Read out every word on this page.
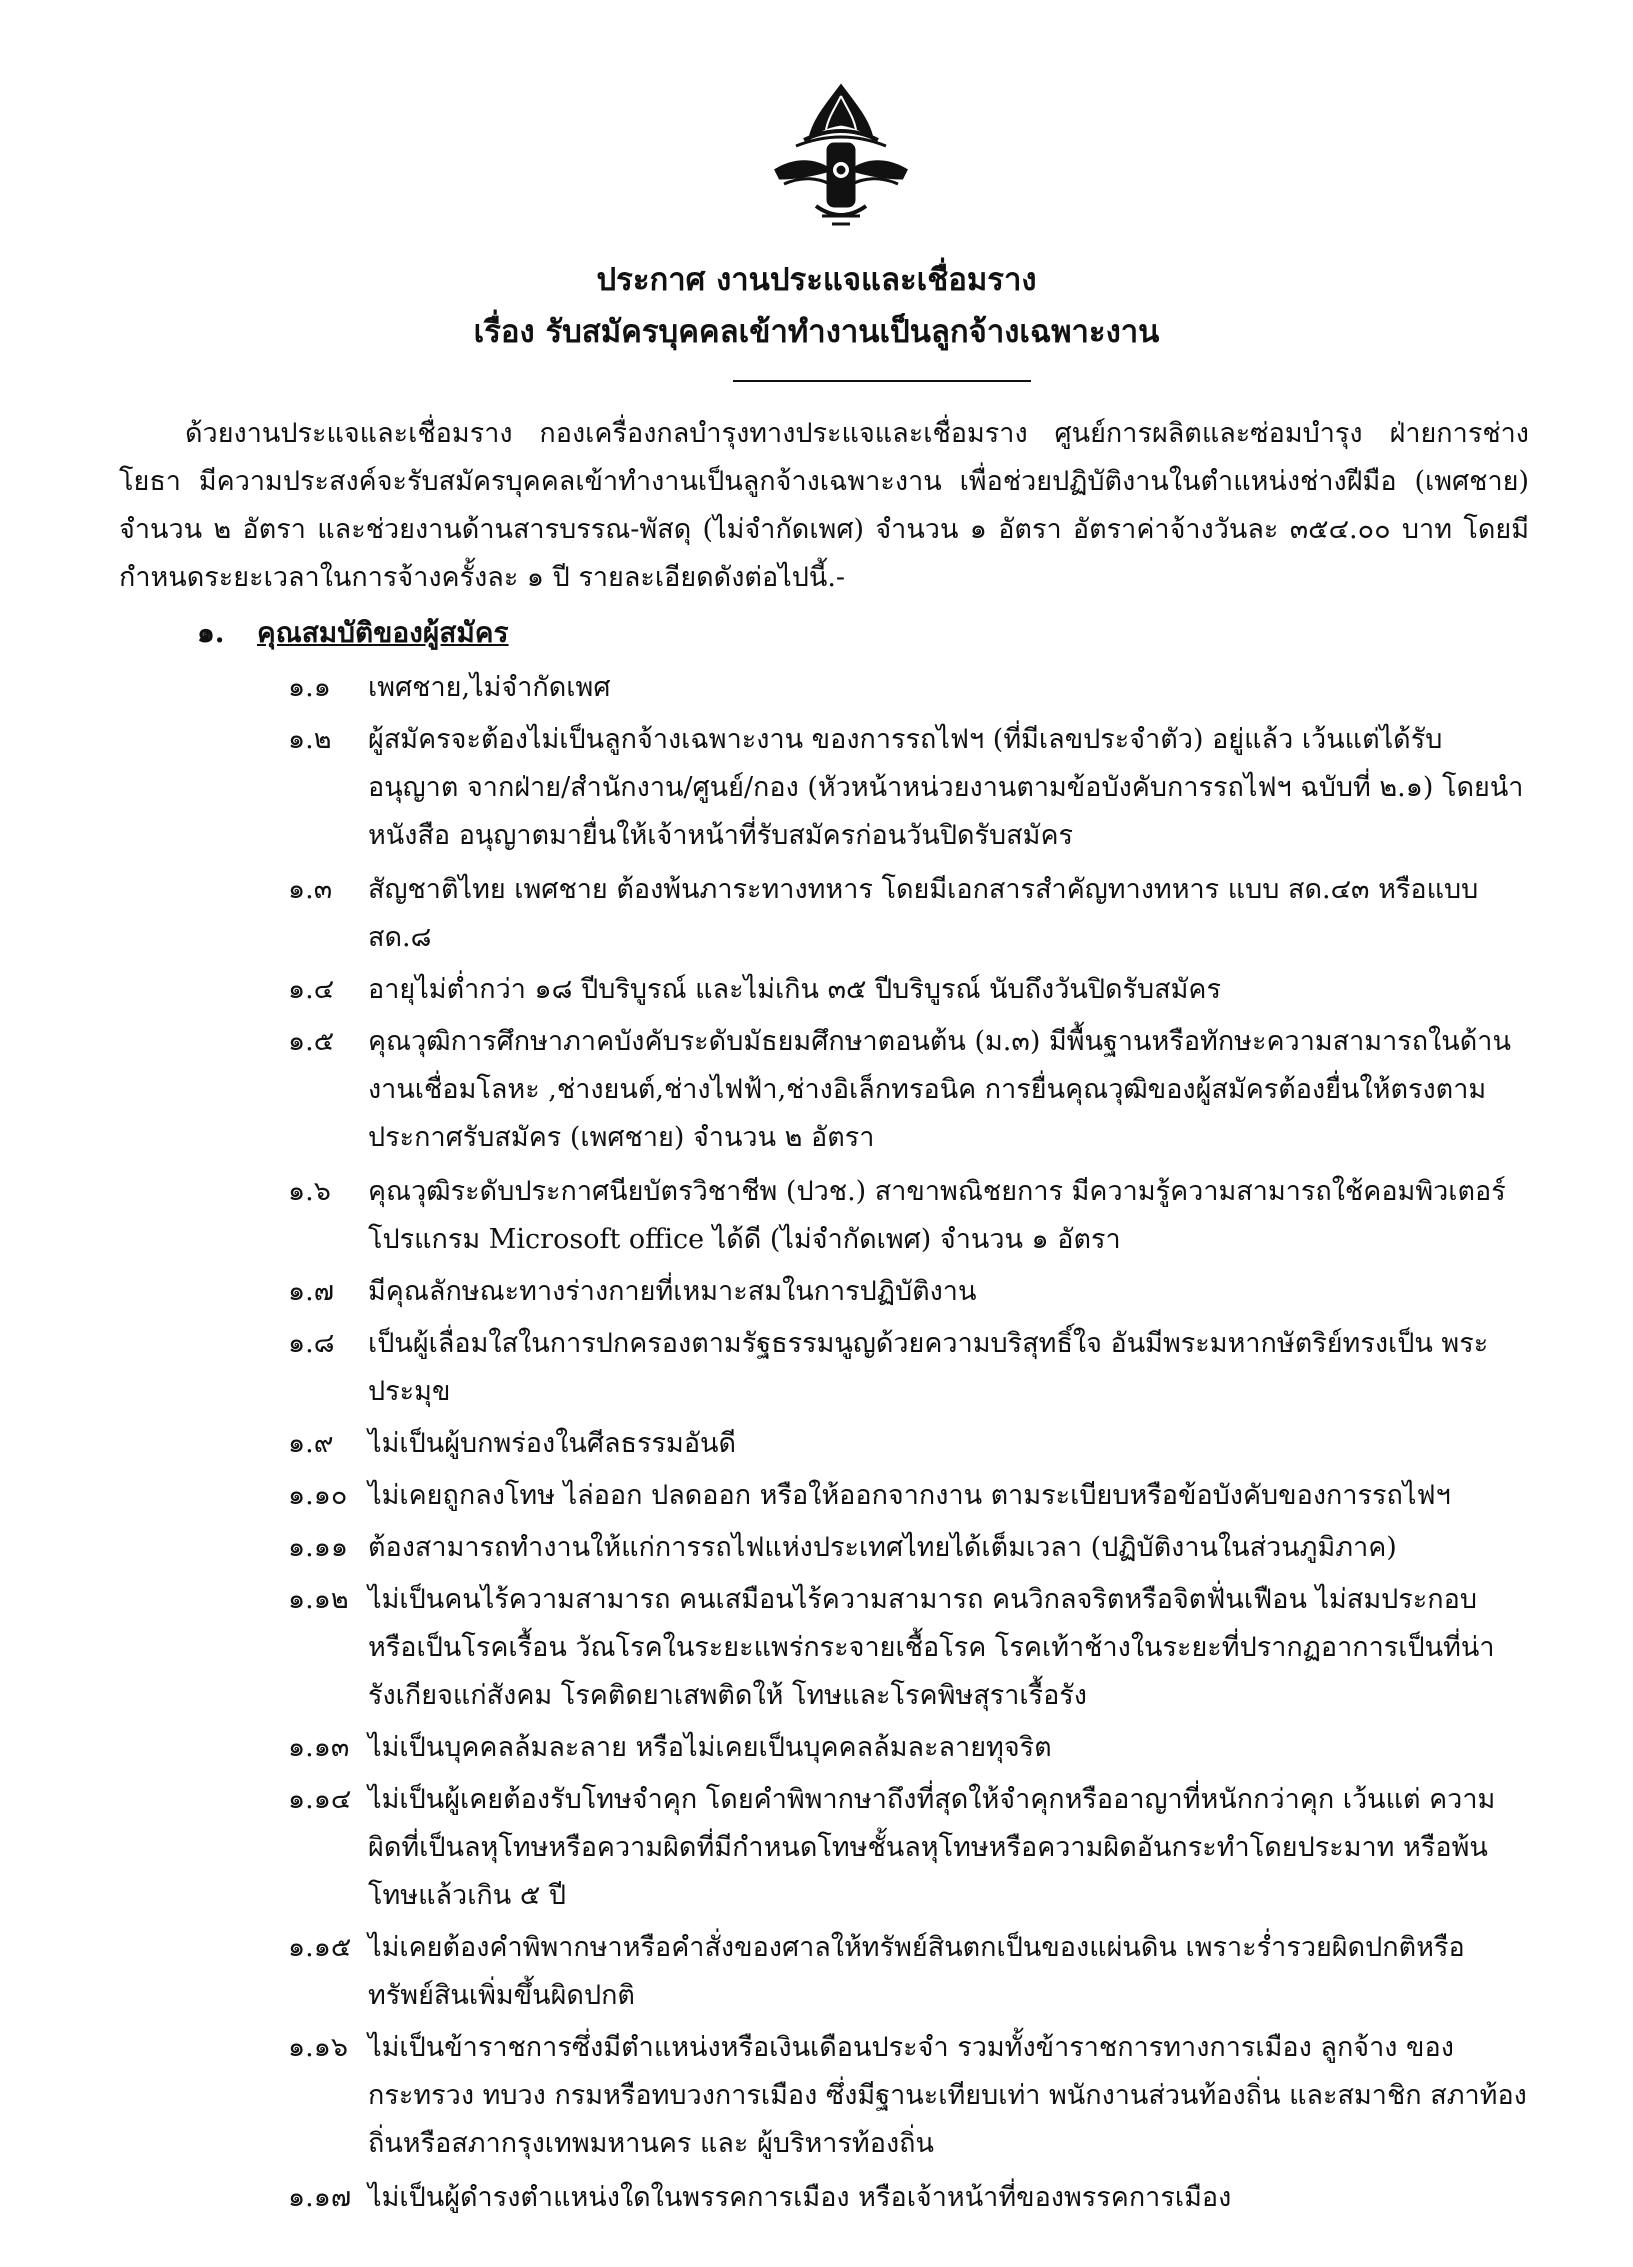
ประกาศ งานประแจและเชื่อมราง
เรื่อง รับสมัครบุคคลเข้าทำงานเป็นลูกจ้างเฉพาะงาน

ด้วยงานประแจและเชื่อมราง กองเครื่องกลบำรุงทางประแจและเชื่อมราง ศูนย์การผลิตและซ่อมบำรุง ฝ่ายการช่างโยธา มีความประสงค์จะรับสมัครบุคคลเข้าทำงานเป็นลูกจ้างเฉพาะงาน เพื่อช่วยปฏิบัติงานในตำแหน่งช่างฝีมือ (เพศชาย) จำนวน ๒ อัตรา และช่วยงานด้านสารบรรณ-พัสดุ (ไม่จำกัดเพศ) จำนวน ๑ อัตรา อัตราค่าจ้างวันละ ๓๕๔.๐๐ บาท โดยมีกำหนดระยะเวลาในการจ้างครั้งละ ๑ ปี รายละเอียดดังต่อไปนี้.-

๑. คุณสมบัติของผู้สมัคร
๑.๑ เพศชาย,ไม่จำกัดเพศ
๑.๒ ผู้สมัครจะต้องไม่เป็นลูกจ้างเฉพาะงาน ของการรถไฟฯ (ที่มีเลขประจำตัว) อยู่แล้ว เว้นแต่ได้รับอนุญาต จากฝ่าย/สำนักงาน/ศูนย์/กอง (หัวหน้าหน่วยงานตามข้อบังคับการรถไฟฯ ฉบับที่ ๒.๑) โดยนำหนังสือ อนุญาตมายื่นให้เจ้าหน้าที่รับสมัครก่อนวันปิดรับสมัคร
๑.๓ สัญชาติไทย เพศชาย ต้องพ้นภาระทางทหาร โดยมีเอกสารสำคัญทางทหาร แบบ สด.๔๓ หรือแบบ สด.๘
๑.๔ อายุไม่ต่ำกว่า ๑๘ ปีบริบูรณ์ และไม่เกิน ๓๕ ปีบริบูรณ์ นับถึงวันปิดรับสมัคร
๑.๕ คุณวุฒิการศึกษาภาคบังคับระดับมัธยมศึกษาตอนต้น (ม.๓) มีพื้นฐานหรือทักษะความสามารถในด้าน งานเชื่อมโลหะ ,ช่างยนต์,ช่างไฟฟ้า,ช่างอิเล็กทรอนิค การยื่นคุณวุฒิของผู้สมัครต้องยื่นให้ตรงตาม ประกาศรับสมัคร (เพศชาย) จำนวน ๒ อัตรา
๑.๖ คุณวุฒิระดับประกาศนียบัตรวิชาชีพ (ปวช.) สาขาพณิชยการ มีความรู้ความสามารถใช้คอมพิวเตอร์ โปรแกรม Microsoft office ได้ดี (ไม่จำกัดเพศ) จำนวน ๑ อัตรา
๑.๗ มีคุณลักษณะทางร่างกายที่เหมาะสมในการปฏิบัติงาน
๑.๘ เป็นผู้เลื่อมใสในการปกครองตามรัฐธรรมนูญด้วยความบริสุทธิ์ใจ อันมีพระมหากษัตริย์ทรงเป็น พระประมุข
๑.๙ ไม่เป็นผู้บกพร่องในศีลธรรมอันดี
๑.๑๐ ไม่เคยถูกลงโทษ ไล่ออก ปลดออก หรือให้ออกจากงาน ตามระเบียบหรือข้อบังคับของการรถไฟฯ
๑.๑๑ ต้องสามารถทำงานให้แก่การรถไฟแห่งประเทศไทยได้เต็มเวลา (ปฏิบัติงานในส่วนภูมิภาค)
๑.๑๒ ไม่เป็นคนไร้ความสามารถ คนเสมือนไร้ความสามารถ คนวิกลจริตหรือจิตฟั่นเฟือน ไม่สมประกอบ หรือเป็นโรคเรื้อน วัณโรคในระยะแพร่กระจายเชื้อโรค โรคเท้าช้างในระยะที่ปรากฏอาการเป็นที่น่า รังเกียจแก่สังคม โรคติดยาเสพติดให้ โทษและโรคพิษสุราเรื้อรัง
๑.๑๓ ไม่เป็นบุคคลล้มละลาย หรือไม่เคยเป็นบุคคลล้มละลายทุจริต
๑.๑๔ ไม่เป็นผู้เคยต้องรับโทษจำคุก โดยคำพิพากษาถึงที่สุดให้จำคุกหรืออาญาที่หนักกว่าคุก เว้นแต่ ความผิดที่เป็นลหุโทษหรือความผิดที่มีกำหนดโทษชั้นลหุโทษหรือความผิดอันกระทำโดยประมาท หรือพ้นโทษแล้วเกิน ๕ ปี
๑.๑๕ ไม่เคยต้องคำพิพากษาหรือคำสั่งของศาลให้ทรัพย์สินตกเป็นของแผ่นดิน เพราะร่ำรวยผิดปกติหรือ ทรัพย์สินเพิ่มขึ้นผิดปกติ
๑.๑๖ ไม่เป็นข้าราชการซึ่งมีตำแหน่งหรือเงินเดือนประจำ รวมทั้งข้าราชการทางการเมือง ลูกจ้าง ของ กระทรวง ทบวง กรมหรือทบวงการเมือง ซึ่งมีฐานะเทียบเท่า พนักงานส่วนท้องถิ่น และสมาชิก สภาท้องถิ่นหรือสภากรุงเทพมหานคร และ ผู้บริหารท้องถิ่น
๑.๑๗ ไม่เป็นผู้ดำรงตำแหน่งใดในพรรคการเมือง หรือเจ้าหน้าที่ของพรรคการเมือง
